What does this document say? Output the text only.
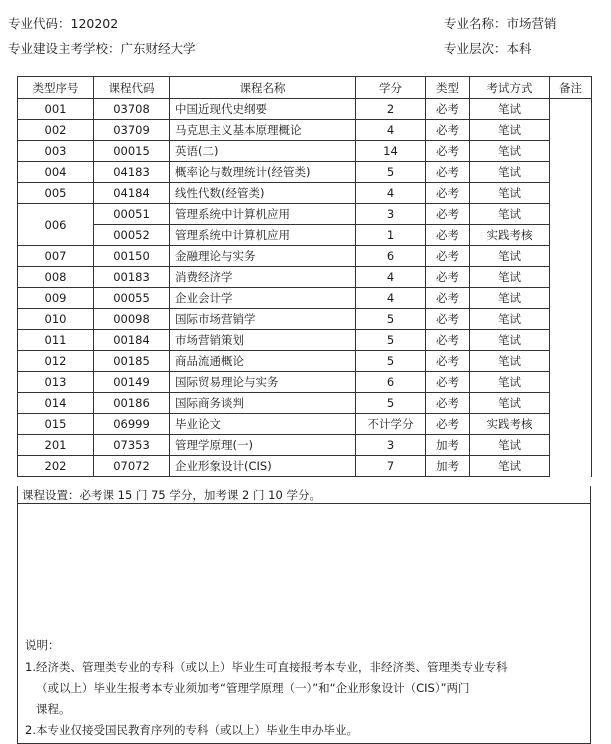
专业代码：120202
专业建设主考学校：广东财经大学
专业名称：市场营销
专业层次：本科
类型序号	课程代码	课程名称	学分	类型	考试方式	备注
001	03708	中国近现代史纲要	2	必考	笔试	
002	03709	马克思主义基本原理概论	4	必考	笔试	
003	00015	英语(二)	14	必考	笔试	
004	04183	概率论与数理统计(经管类)	5	必考	笔试	
005	04184	线性代数(经管类)	4	必考	笔试	
006	00051	管理系统中计算机应用	3	必考	笔试	
	00052	管理系统中计算机应用	1	必考	实践考核	
007	00150	金融理论与实务	6	必考	笔试	
008	00183	消费经济学	4	必考	笔试	
009	00055	企业会计学	4	必考	笔试	
010	00098	国际市场营销学	5	必考	笔试	
011	00184	市场营销策划	5	必考	笔试	
012	00185	商品流通概论	5	必考	笔试	
013	00149	国际贸易理论与实务	6	必考	笔试	
014	00186	国际商务谈判	5	必考	笔试	
015	06999	毕业论文	不计学分	必考	实践考核	
201	07353	管理学原理(一)	3	加考	笔试	
202	07072	企业形象设计(CIS)	7	加考	笔试	
课程设置：必考课 15 门 75 学分，加考课 2 门 10 学分。
说明：
1.经济类、管理类专业的专科（或以上）毕业生可直接报考本专业，非经济类、管理类专业专科
（或以上）毕业生报考本专业须加考“管理学原理（一）”和“企业形象设计（CIS）”两门
课程。
2.本专业仅接受国民教育序列的专科（或以上）毕业生申办毕业。
